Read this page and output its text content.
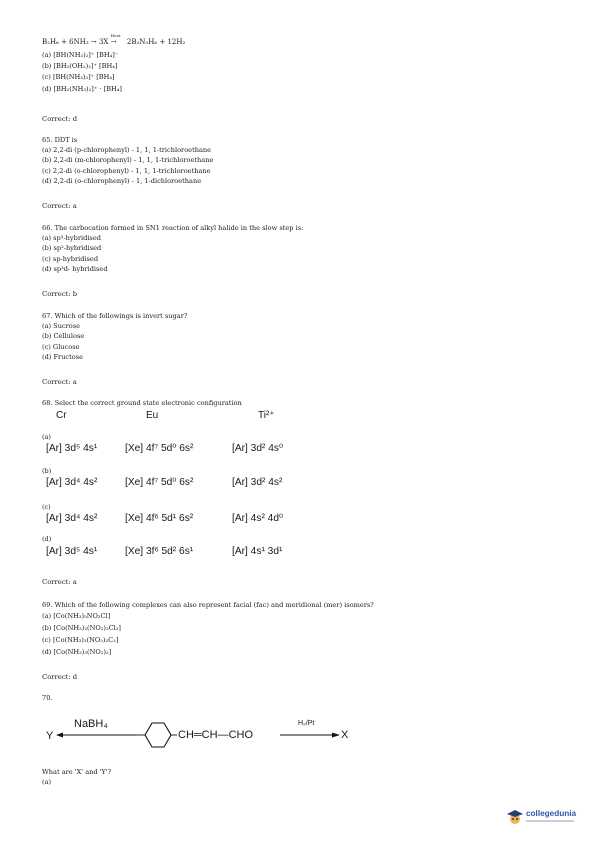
B₂H₆ + 6NH₃ → 3X
Heat
→ 2B₃N₃H₆ + 12H₂
(a) [BH(NH₃)₂]⁺ [BH₄]⁻
(b) [BH₂(OH₂)₂]⁺ [BH₄]
(c) [BH(NH₃)₃]⁺ [BH₄]
(d) [BH₂(NH₃)₂]⁺ · [BH₄]
Correct: d
65. DDT is
(a) 2,2-di (p-chlorophenyl) - 1, 1, 1-trichloroethane
(b) 2,2-di (m-chlorophenyl) - 1, 1, 1-trichloroethane
(c) 2,2-di (o-chlorophenyl) - 1, 1, 1-trichloroethane
(d) 2,2-di (o-chlorophenyl) - 1, 1-dichloroethane
Correct: a
66. The carbocation formed in SN1 reaction of alkyl halide in the slow step is:
(a) sp³-hybridised
(b) sp²-hybridised
(c) sp-hybridised
(d) sp³d- hybridised
Correct: b
67. Which of the followings is invert sugar?
(a) Sucrose
(b) Cellulose
(c) Glucose
(d) Fructose
Correct: a
68. Select the correct ground state electronic configuration
Cr	Eu	Ti²⁺
(a)
[Ar] 3d⁵ 4s¹	[Xe] 4f⁷ 5d⁰ 6s²	[Ar] 3d² 4s⁰
(b)
[Ar] 3d⁴ 4s²	[Xe] 4f⁷ 5d⁰ 6s²	[Ar] 3d² 4s²
(c)
[Ar] 3d⁴ 4s²	[Xe] 4f⁶ 5d¹ 6s²	[Ar] 4s² 4d⁰
(d)
[Ar] 3d⁵ 4s¹	[Xe] 3f⁶ 5d² 6s¹	[Ar] 4s¹ 3d¹
Correct: a
69. Which of the following complexes can also represent facial (fac) and meridional (mer) isomers?
(a) [Co(NH₃)₅NO₂Cl]
(b) [Co(NH₃)₂(NO₂)₂Cl₂]
(c) [Co(NH₃)₃(NO₂)₂C₂]
(d) [Co(NH₃)₃(NO₂)₃]
Correct: d
70.
Y
NaBH₄
CH═CH—CHO
H₂/Pt
X
What are 'X' and 'Y'?
(a)
collegedunia
